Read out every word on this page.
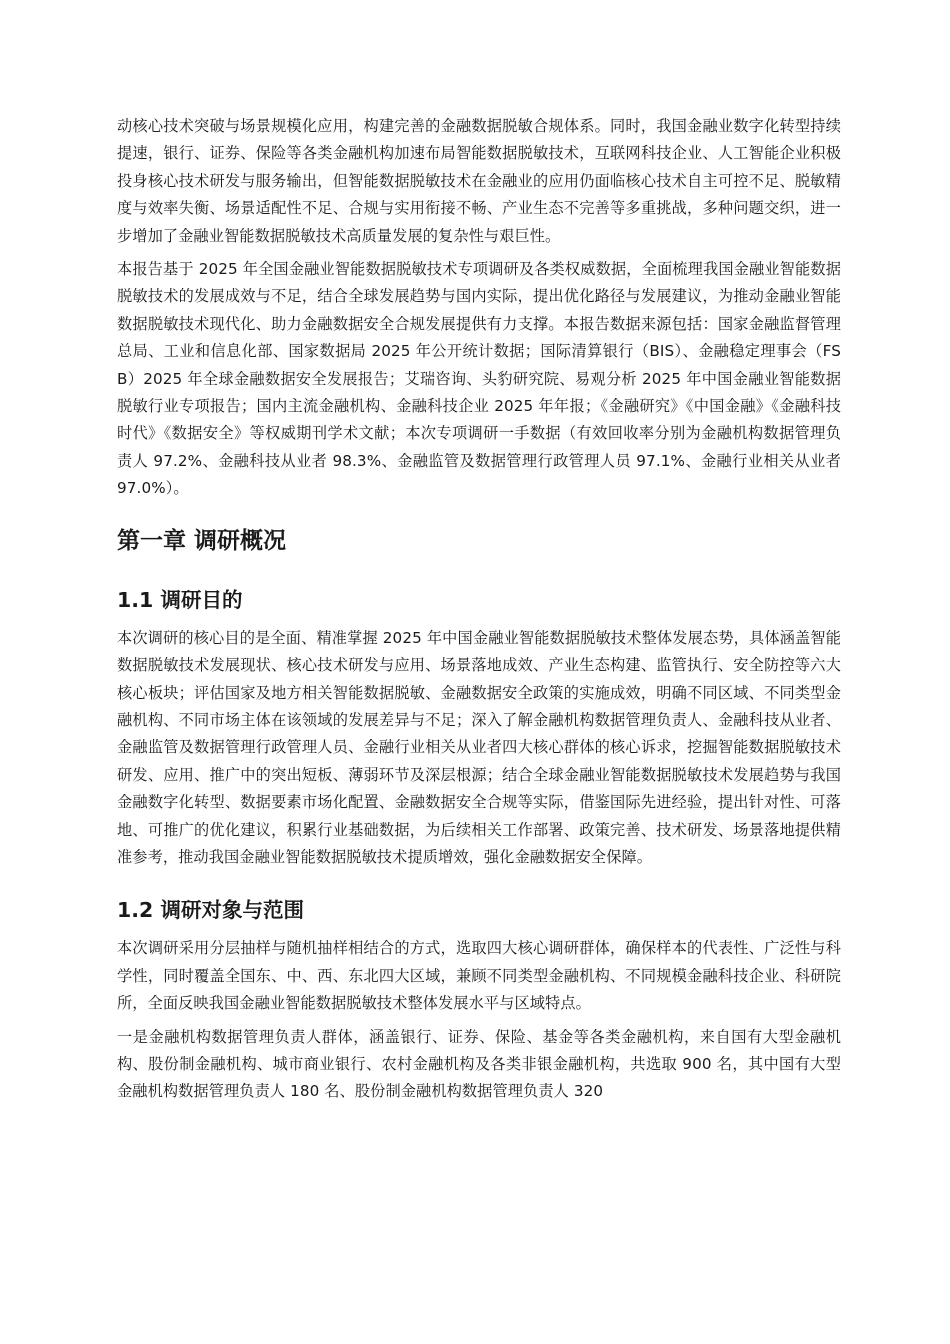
动核心技术突破与场景规模化应用，构建完善的金融数据脱敏合规体系。同时，我国金融业数字化转型持续提速，银行、证券、保险等各类金融机构加速布局智能数据脱敏技术，互联网科技企业、人工智能企业积极投身核心技术研发与服务输出，但智能数据脱敏技术在金融业的应用仍面临核心技术自主可控不足、脱敏精度与效率失衡、场景适配性不足、合规与实用衔接不畅、产业生态不完善等多重挑战，多种问题交织，进一步增加了金融业智能数据脱敏技术高质量发展的复杂性与艰巨性。

本报告基于 2025 年全国金融业智能数据脱敏技术专项调研及各类权威数据，全面梳理我国金融业智能数据脱敏技术的发展成效与不足，结合全球发展趋势与国内实际，提出优化路径与发展建议，为推动金融业智能数据脱敏技术现代化、助力金融数据安全合规发展提供有力支撑。本报告数据来源包括：国家金融监督管理总局、工业和信息化部、国家数据局 2025 年公开统计数据；国际清算银行（BIS）、金融稳定理事会（FSB）2025 年全球金融数据安全发展报告；艾瑞咨询、头豹研究院、易观分析 2025 年中国金融业智能数据脱敏行业专项报告；国内主流金融机构、金融科技企业 2025 年年报；《金融研究》《中国金融》《金融科技时代》《数据安全》等权威期刊学术文献；本次专项调研一手数据（有效回收率分别为金融机构数据管理负责人 97.2%、金融科技从业者 98.3%、金融监管及数据管理行政管理人员 97.1%、金融行业相关从业者 97.0%）。

第一章 调研概况
1.1 调研目的

本次调研的核心目的是全面、精准掌握 2025 年中国金融业智能数据脱敏技术整体发展态势，具体涵盖智能数据脱敏技术发展现状、核心技术研发与应用、场景落地成效、产业生态构建、监管执行、安全防控等六大核心板块；评估国家及地方相关智能数据脱敏、金融数据安全政策的实施成效，明确不同区域、不同类型金融机构、不同市场主体在该领域的发展差异与不足；深入了解金融机构数据管理负责人、金融科技从业者、金融监管及数据管理行政管理人员、金融行业相关从业者四大核心群体的核心诉求，挖掘智能数据脱敏技术研发、应用、推广中的突出短板、薄弱环节及深层根源；结合全球金融业智能数据脱敏技术发展趋势与我国金融数字化转型、数据要素市场化配置、金融数据安全合规等实际，借鉴国际先进经验，提出针对性、可落地、可推广的优化建议，积累行业基础数据，为后续相关工作部署、政策完善、技术研发、场景落地提供精准参考，推动我国金融业智能数据脱敏技术提质增效，强化金融数据安全保障。

1.2 调研对象与范围

本次调研采用分层抽样与随机抽样相结合的方式，选取四大核心调研群体，确保样本的代表性、广泛性与科学性，同时覆盖全国东、中、西、东北四大区域，兼顾不同类型金融机构、不同规模金融科技企业、科研院所，全面反映我国金融业智能数据脱敏技术整体发展水平与区域特点。

一是金融机构数据管理负责人群体，涵盖银行、证券、保险、基金等各类金融机构，来自国有大型金融机构、股份制金融机构、城市商业银行、农村金融机构及各类非银金融机构，共选取 900 名，其中国有大型金融机构数据管理负责人 180 名、股份制金融机构数据管理负责人 320
